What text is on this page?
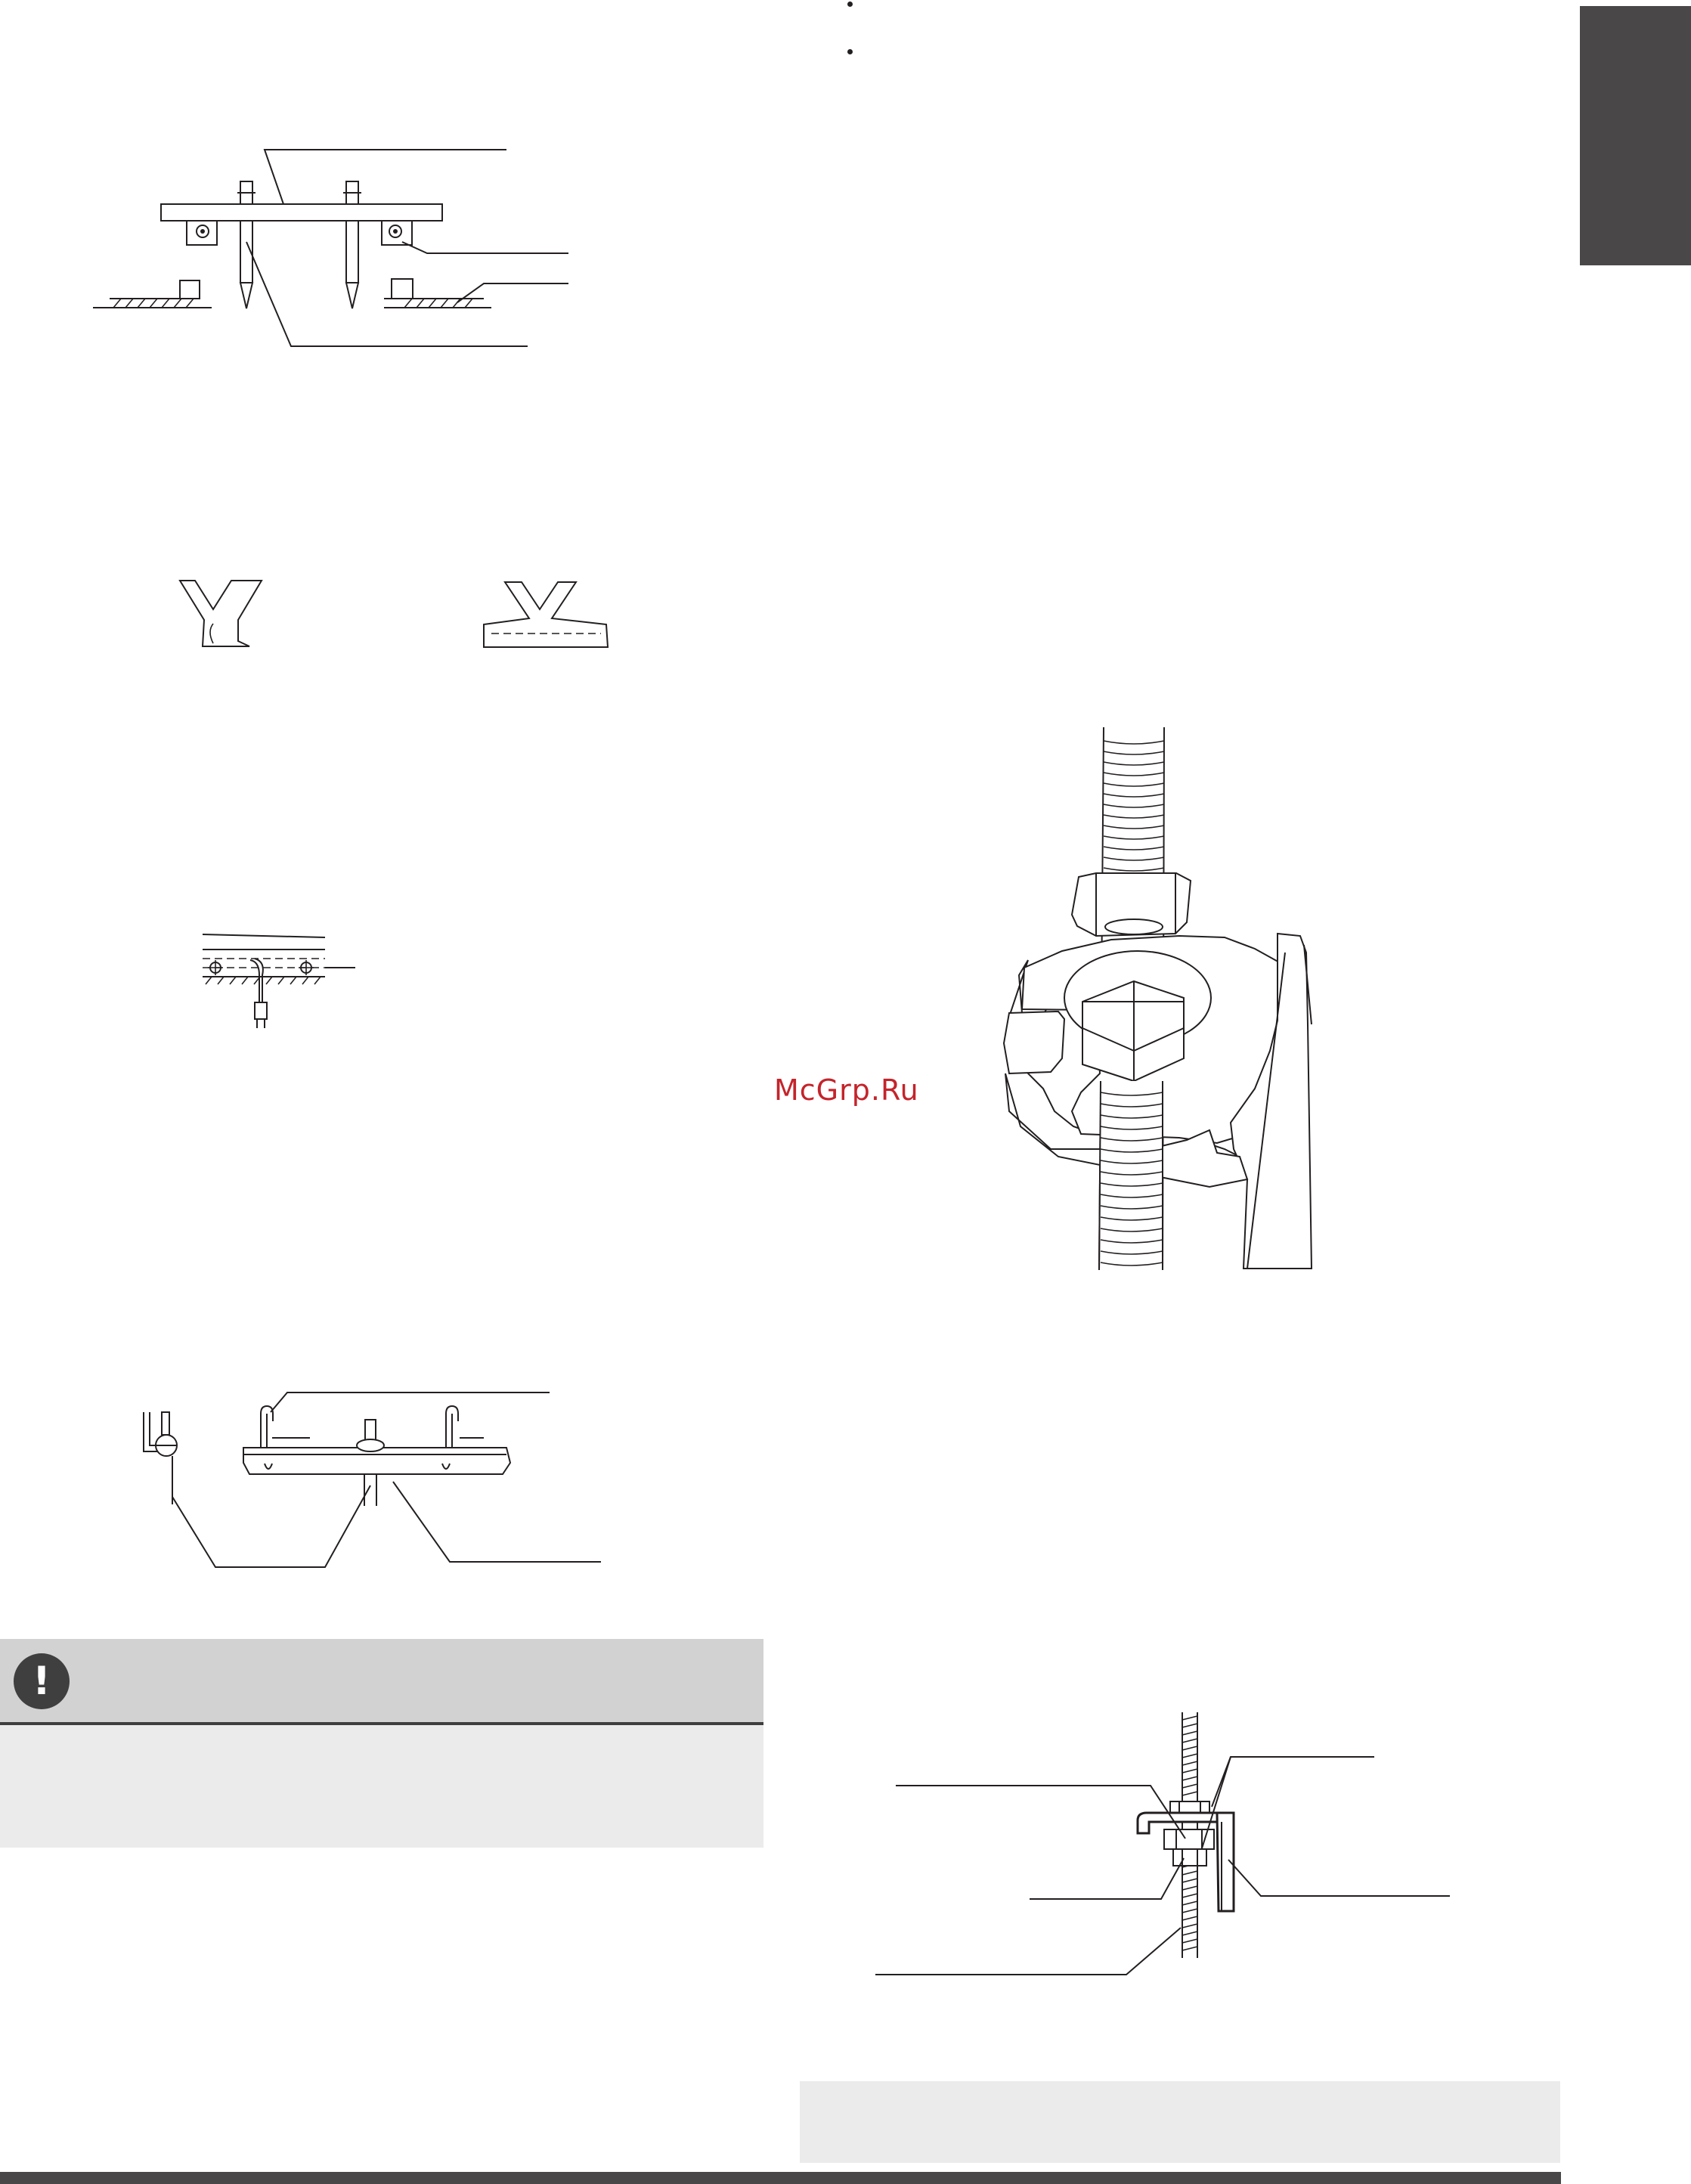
!
McGrp.Ru
